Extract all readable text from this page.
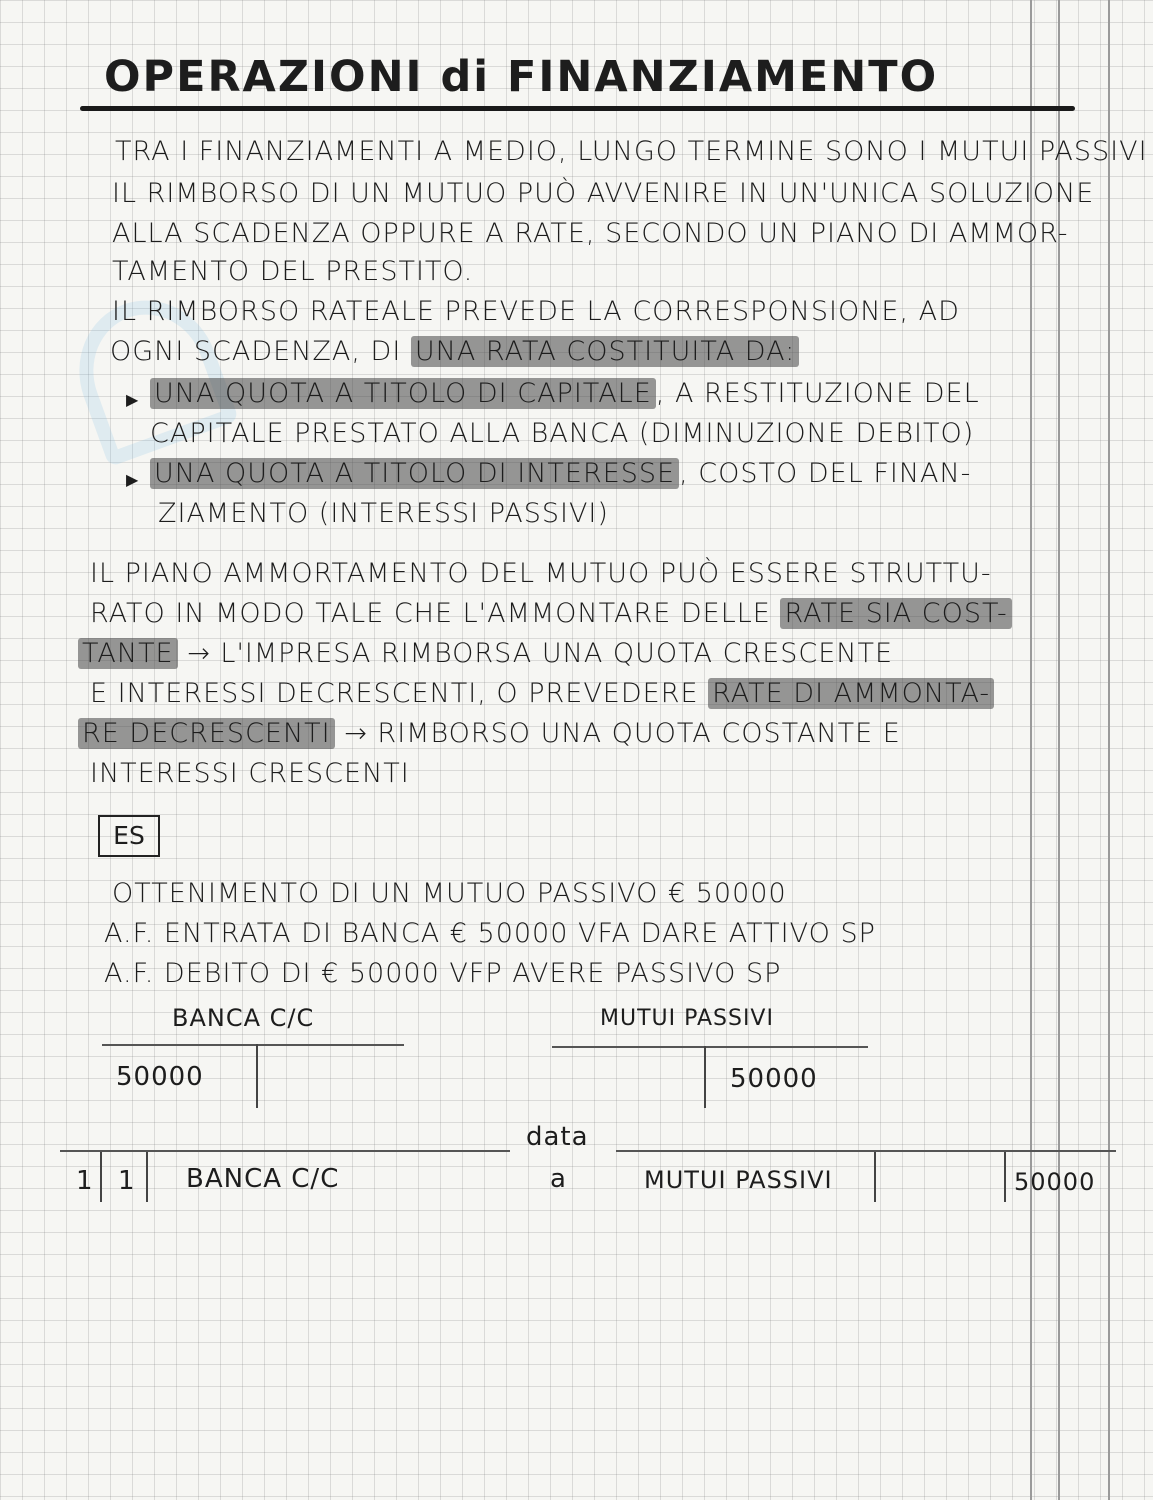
OPERAZIONI di FINANZIAMENTO
TRA I FINANZIAMENTI A MEDIO, LUNGO TERMINE SONO I MUTUI PASSIVI
IL RIMBORSO DI UN MUTUO PUÒ AVVENIRE IN UN'UNICA SOLUZIONE
ALLA SCADENZA OPPURE A RATE, SECONDO UN PIANO DI AMMOR-
TAMENTO DEL PRESTITO.
IL RIMBORSO RATEALE PREVEDE LA CORRESPONSIONE, AD
OGNI SCADENZA, DI UNA RATA COSTITUITA DA:
▶ UNA QUOTA A TITOLO DI CAPITALE , A RESTITUZIONE DEL
CAPITALE PRESTATO ALLA BANCA (DIMINUZIONE DEBITO)
▶ UNA QUOTA A TITOLO DI INTERESSE , COSTO DEL FINAN-
ZIAMENTO (INTERESSI PASSIVI)
IL PIANO AMMORTAMENTO DEL MUTUO PUÒ ESSERE STRUTTU-
RATO IN MODO TALE CHE L'AMMONTARE DELLE RATE SIA COST-
TANTE → L'IMPRESA RIMBORSA UNA QUOTA CRESCENTE
E INTERESSI DECRESCENTI, O PREVEDERE RATE DI AMMONTA-
RE DECRESCENTI → RIMBORSO UNA QUOTA COSTANTE E
INTERESSI CRESCENTI
ES
OTTENIMENTO DI UN MUTUO PASSIVO € 50000
A.F. ENTRATA DI BANCA € 50000 VFA DARE ATTIVO SP
A.F. DEBITO DI € 50000 VFP AVERE PASSIVO SP
BANCA C/C
50000
MUTUI PASSIVI
50000
data
1 1 BANCA C/C	a	MUTUI PASSIVI	50000
